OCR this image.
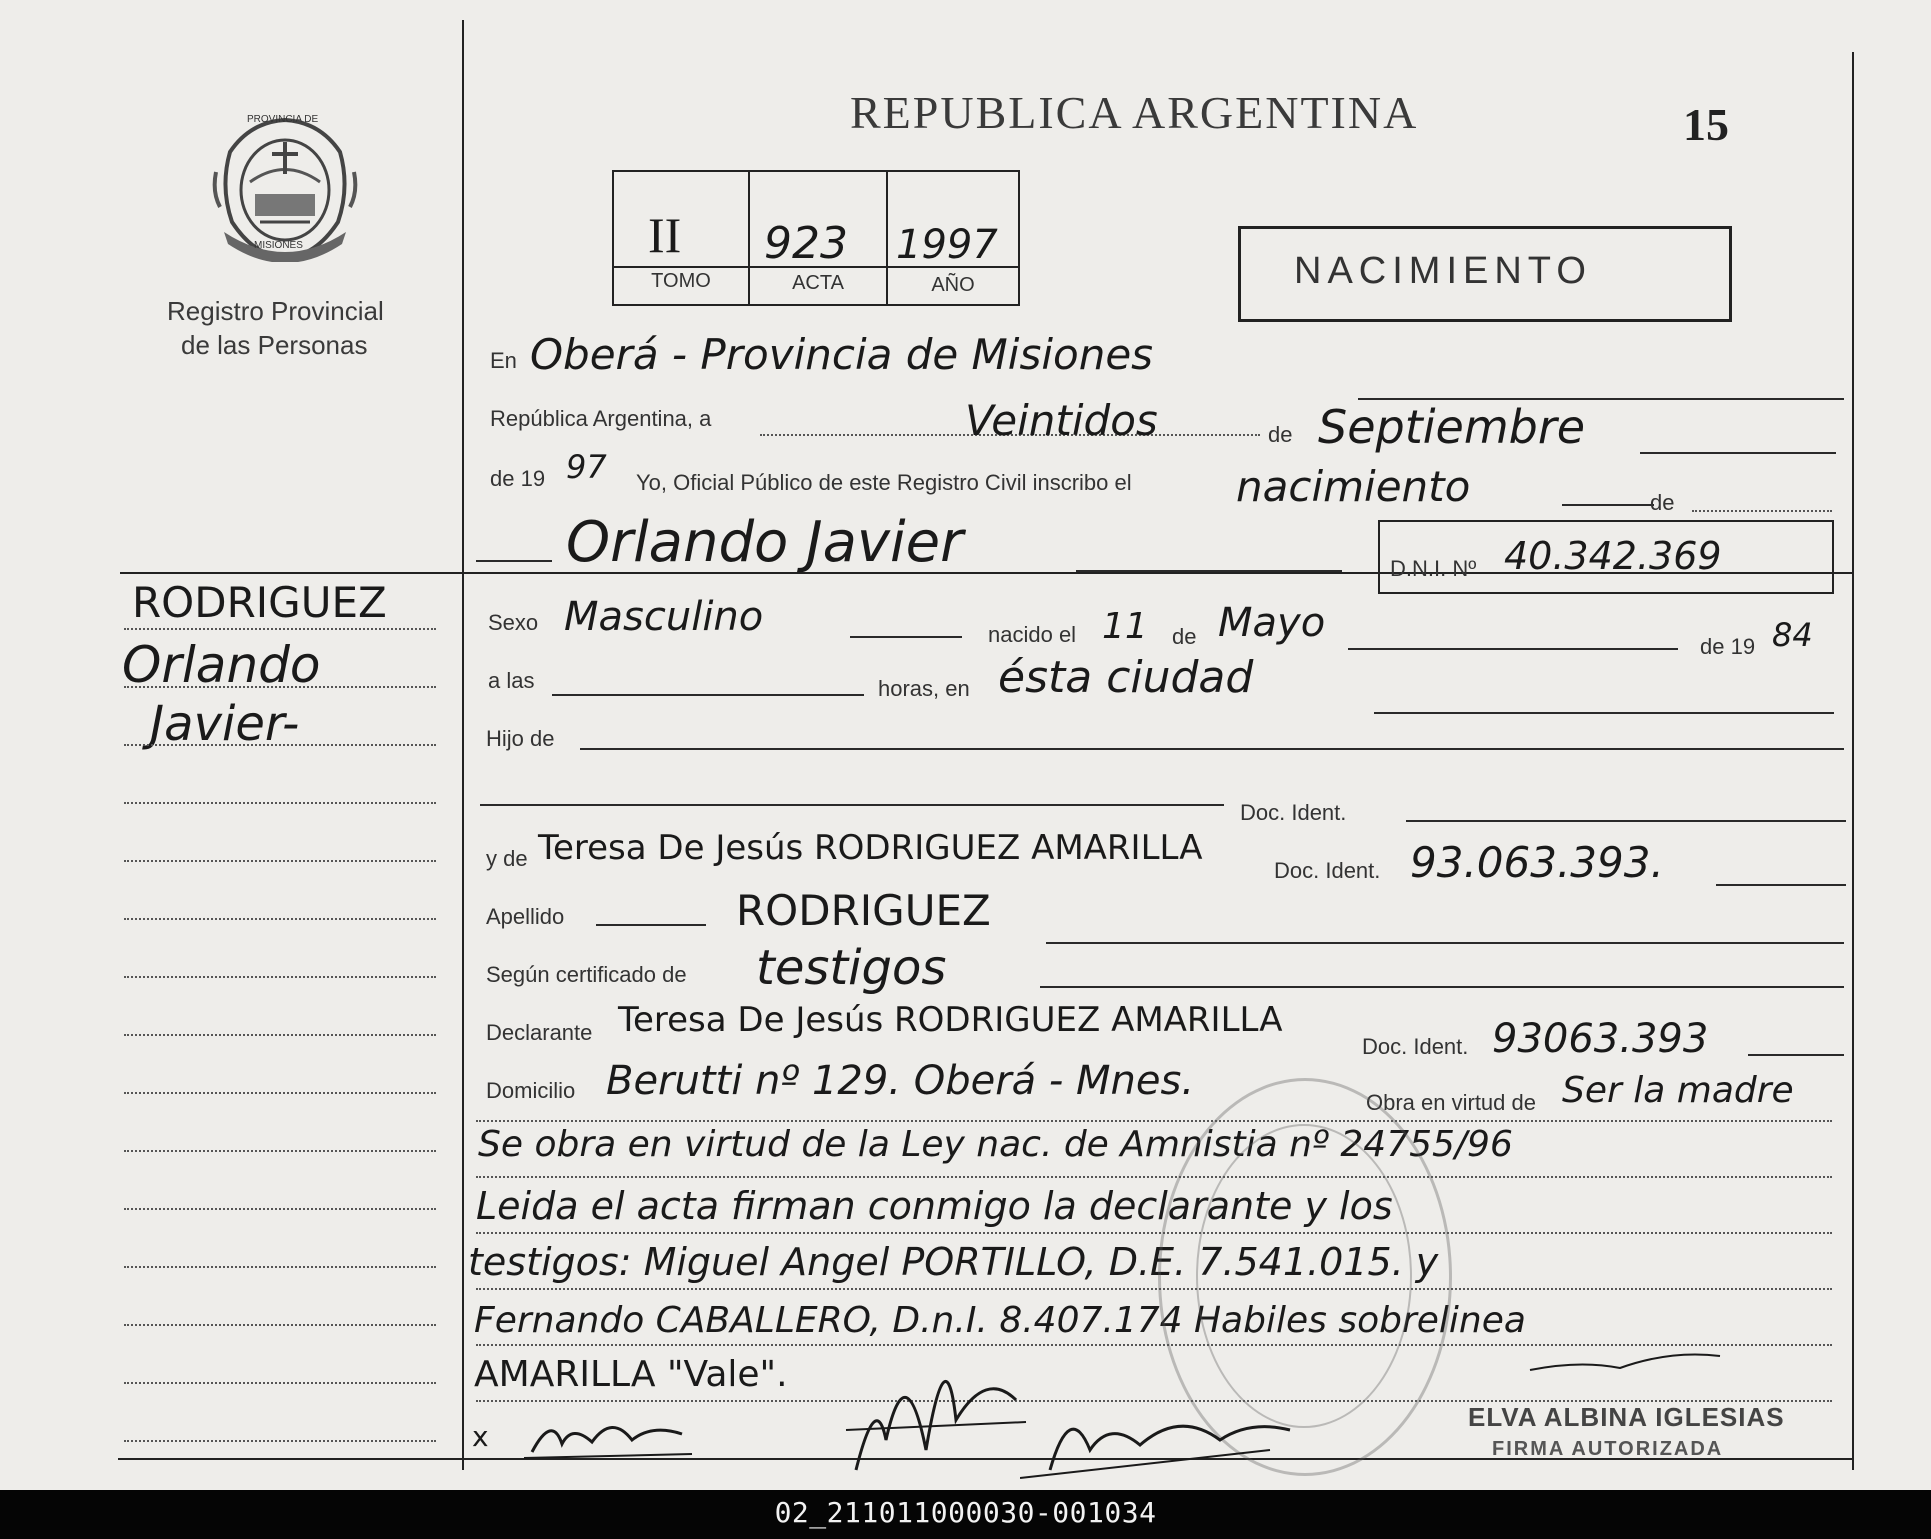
PROVINCIA DE
MISIONES
Registro Provincial
de las Personas
REPUBLICA ARGENTINA	15
II 923 1997
TOMO	ACTA	AÑO	NACIMIENTO
En Oberá - Provincia de Misiones
República Argentina, a	Veintidos	de Septiembre
de 19 97 Yo, Oficial Público de este Registro Civil inscribo el nacimiento	de
Orlando Javier	D.N.I. Nº 40.342.369
RODRIGUEZ
Orlando
Javier-
Sexo Masculino	nacido el 11 de Mayo
de 19 84
a las	horas, en ésta ciudad
Hijo de
Doc. Ident.
y de Teresa De Jesús RODRIGUEZ AMARILLA
Doc. Ident. 93.063.393.
Apellido	RODRIGUEZ
Según certificado de testigos
Declarante Teresa De Jesús RODRIGUEZ AMARILLA
Doc. Ident. 93063.393
Domicilio Berutti nº 129. Oberá - Mnes.	Obra en virtud de Ser la madre
Se obra en virtud de la Ley nac. de Amnistia nº 24755/96
Leida el acta firman conmigo la declarante y los
testigos: Miguel Angel PORTILLO, D.E. 7.541.015. y
Fernando CABALLERO, D.n.I. 8.407.174 Habiles sobrelinea
AMARILLA "Vale".
x
ELVA ALBINA IGLESIAS
FIRMA AUTORIZADA
02_211011000030-001034
